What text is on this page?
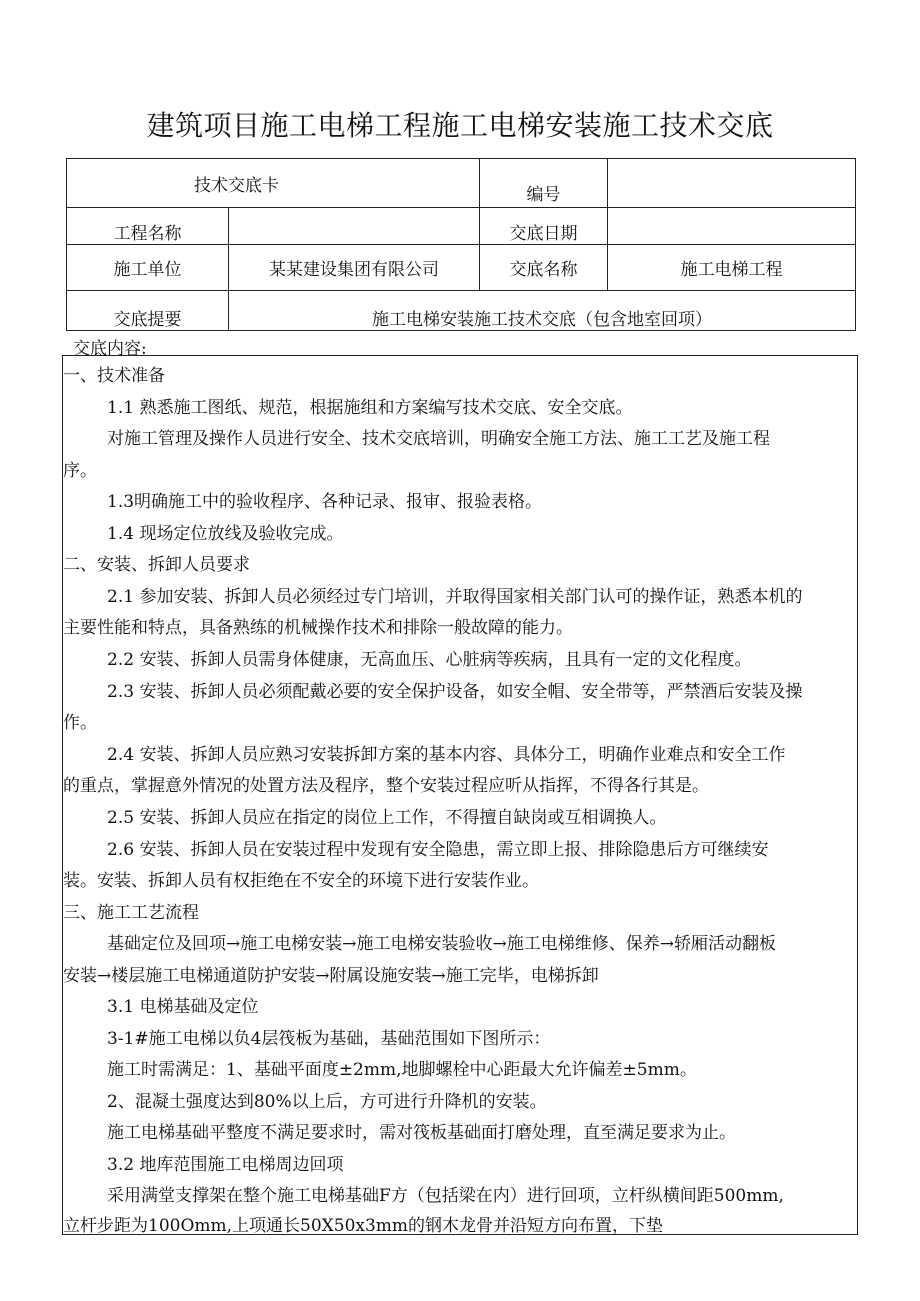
建筑项目施工电梯工程施工电梯安装施工技术交底
技术交底卡		编号	
工程名称		交底日期	
施工单位	某某建设集团有限公司	交底名称	施工电梯工程
交底提要	施工电梯安装施工技术交底（包含地室回项）		
交底内容:
一、技术准备
1.1 熟悉施工图纸、规范，根据施组和方案编写技术交底、安全交底。
对施工管理及操作人员进行安全、技术交底培训，明确安全施工方法、施工工艺及施工程
序。
1.3明确施工中的验收程序、各种记录、报审、报验表格。
1.4 现场定位放线及验收完成。
二、安装、拆卸人员要求
2.1 参加安装、拆卸人员必须经过专门培训，并取得国家相关部门认可的操作证，熟悉本机的
主要性能和特点，具备熟练的机械操作技术和排除一般故障的能力。
2.2 安装、拆卸人员需身体健康，无高血压、心脏病等疾病，且具有一定的文化程度。
2.3 安装、拆卸人员必须配戴必要的安全保护设备，如安全帽、安全带等，严禁酒后安装及操
作。
2.4 安装、拆卸人员应熟习安装拆卸方案的基本内容、具体分工，明确作业难点和安全工作
的重点，掌握意外情况的处置方法及程序，整个安装过程应听从指挥，不得各行其是。
2.5 安装、拆卸人员应在指定的岗位上工作，不得擅自缺岗或互相调换人。
2.6 安装、拆卸人员在安装过程中发现有安全隐患，需立即上报、排除隐患后方可继续安
装。安装、拆卸人员有权拒绝在不安全的环境下进行安装作业。
三、施工工艺流程
基础定位及回项→施工电梯安装→施工电梯安装验收→施工电梯维修、保养→轿厢活动翻板
安装→楼层施工电梯通道防护安装→附属设施安装→施工完毕，电梯拆卸
3.1 电梯基础及定位
3-1#施工电梯以负4层筏板为基础，基础范围如下图所示：
施工时需满足：1、基础平面度±2mm,地脚螺栓中心距最大允许偏差±5mm。
2、混凝土强度达到80%以上后，方可进行升降机的安装。
施工电梯基础平整度不满足要求时，需对筏板基础面打磨处理，直至满足要求为止。
3.2 地库范围施工电梯周边回项
采用满堂支撑架在整个施工电梯基础F方（包括梁在内）进行回项，立杆纵横间距500mm,
立杆步距为100Omm,上项通长50X50x3mm的钢木龙骨并沿短方向布置，下垫
